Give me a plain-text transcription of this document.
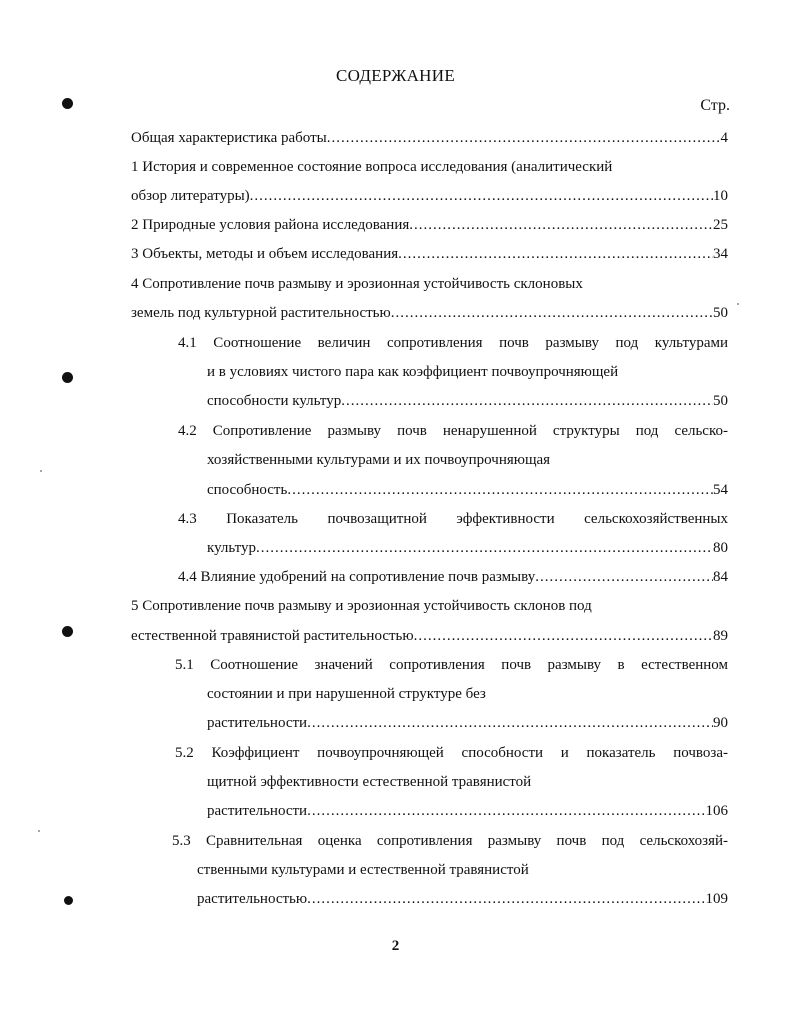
СОДЕРЖАНИЕ
Стр.
Общая характеристика работы .....	4
1 История и современное состояние вопроса исследования (аналитический
обзор литературы) .....	10
2 Природные условия района исследования .....	25
3 Объекты, методы и объем исследования .....	34
4 Сопротивление почв размыву и эрозионная устойчивость склоновых
земель под культурной растительностью .....	50
4.1 Соотношение величин сопротивления почв размыву под культурами
и в условиях чистого пара как коэффициент почвоупрочняющей
способности культур .....	50
4.2 Сопротивление размыву почв ненарушенной структуры под сельско-
хозяйственными культурами и их почвоупрочняющая
способность .....	54
4.3 Показатель почвозащитной эффективности сельскохозяйственных
культур .....	80
4.4 Влияние удобрений на сопротивление почв размыву .....	84
5 Сопротивление почв размыву и эрозионная устойчивость склонов под
естественной травянистой растительностью .....	89
5.1 Соотношение значений сопротивления почв размыву в естественном
состоянии и при нарушенной структуре без
растительности .....	90
5.2 Коэффициент почвоупрочняющей способности и показатель почвоза-
щитной эффективности естественной травянистой
растительности .....	106
5.3 Сравнительная оценка сопротивления размыву почв под сельскохозяй-
ственными культурами и естественной травянистой
растительностью .....	109
2
